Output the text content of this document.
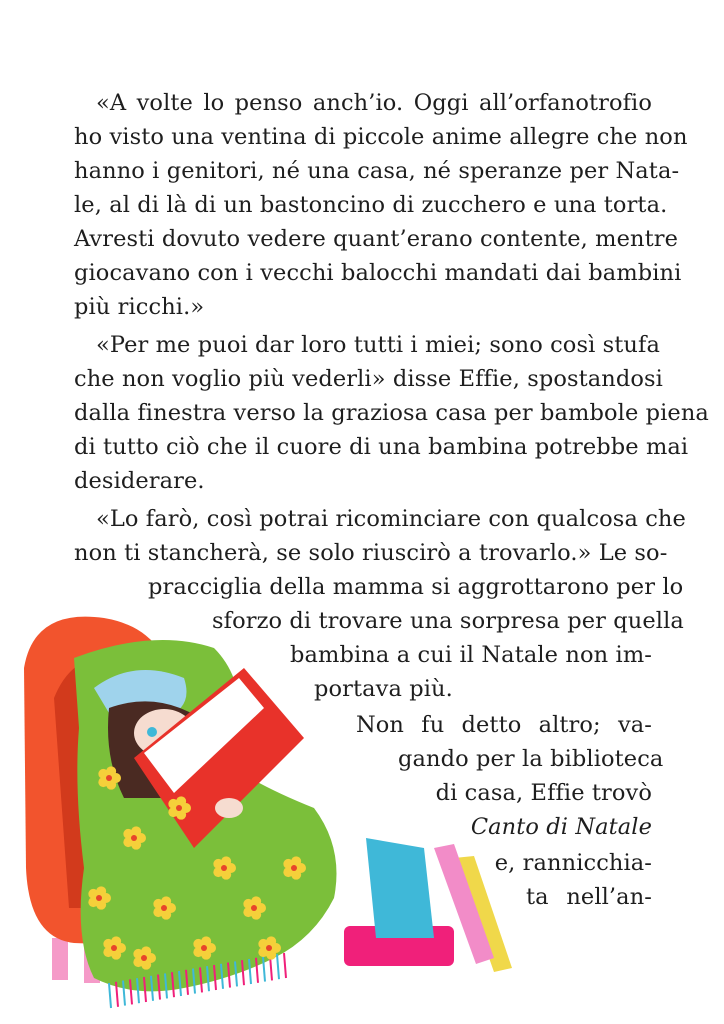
«A volte lo penso anch’io. Oggi all’orfanotrofio
ho visto una ventina di piccole anime allegre che non
hanno i genitori, né una casa, né speranze per Nata-
le, al di là di un bastoncino di zucchero e una torta.
Avresti dovuto vedere quant’erano contente, mentre
giocavano con i vecchi balocchi mandati dai bambini
più ricchi.»
«Per me puoi dar loro tutti i miei; sono così stufa
che non voglio più vederli» disse Effie, spostandosi
dalla finestra verso la graziosa casa per bambole piena
di tutto ciò che il cuore di una bambina potrebbe mai
desiderare.
«Lo farò, così potrai ricominciare con qualcosa che
non ti stancherà, se solo riuscirò a trovarlo.» Le so-
pracciglia della mamma si aggrottarono per lo
sforzo di trovare una sorpresa per quella
bambina a cui il Natale non im-
portava più.
Non fu detto altro; va-
gando per la biblioteca
di casa, Effie trovò
Canto di Natale
e, rannicchia-
ta nell’an-
